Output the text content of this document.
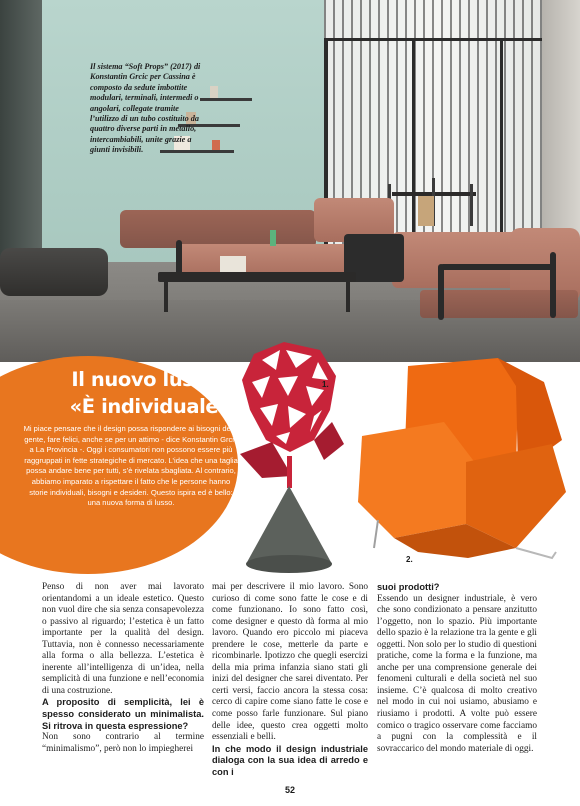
Il sistema “Soft Props” (2017) di Konstantin Grcic per Cassina è composto da sedute imbottite modulari, terminali, intermedi o angolari, collegate tramite l’utilizzo di un tubo costituito da quattro diverse parti in metallo, intercambiabili, unite grazie a giunti invisibili.
Il nuovo lusso?
«È individuale»
Mi piace pensare che il design possa rispondere ai bisogni della gente, fare felici, anche se per un attimo - dice Konstantin Grcic a La Provincia -. Oggi i consumatori non possono essere più raggruppati in fette strategiche di mercato. L’idea che una taglia possa andare bene per tutti, s’è rivelata sbagliata. Al contrario, abbiamo imparato a rispettare il fatto che le persone hanno storie individuali, bisogni e desideri. Questo ispira ed è bello: una nuova forma di lusso.
1.
2.

Penso di non aver mai lavorato orientandomi a un ideale estetico. Questo non vuol dire che sia senza consapevolezza o passivo al riguardo; l’estetica è un fatto importante per la qualità del design. Tuttavia, non è connesso necessariamente alla forma o alla bellezza. L’estetica è inerente all’intelligenza di un’idea, nella semplicità di una funzione e nell’economia di una costruzione.

A proposito di semplicità, lei è spesso considerato un minimalista. Si ritrova in questa espressione?

Non sono contrario al termine “minimalismo”, però non lo impiegherei

mai per descrivere il mio lavoro. Sono curioso di come sono fatte le cose e di come funzionano. Io sono fatto così, come designer e questo dà forma al mio lavoro. Quando ero piccolo mi piaceva prendere le cose, metterle da parte e ricombinarle. Ipotizzo che quegli esercizi della mia prima infanzia siano stati gli inizi del designer che sarei diventato. Per certi versi, faccio ancora la stessa cosa: cerco di capire come siano fatte le cose e come posso farle funzionare. Sul piano delle idee, questo crea oggetti molto essenziali e belli.

In che modo il design industriale dialoga con la sua idea di arredo e con i

suoi prodotti?

Essendo un designer industriale, è vero che sono condizionato a pensare anzitutto l’oggetto, non lo spazio. Più importante dello spazio è la relazione tra la gente e gli oggetti. Non solo per lo studio di questioni pratiche, come la forma e la funzione, ma anche per una comprensione generale dei fenomeni culturali e della società nel suo insieme. C’è qualcosa di molto creativo nel modo in cui noi usiamo, abusiamo e riusiamo i prodotti. A volte può essere comico o tragico osservare come facciamo a pugni con la complessità e il sovraccarico del mondo materiale di oggi.

52
